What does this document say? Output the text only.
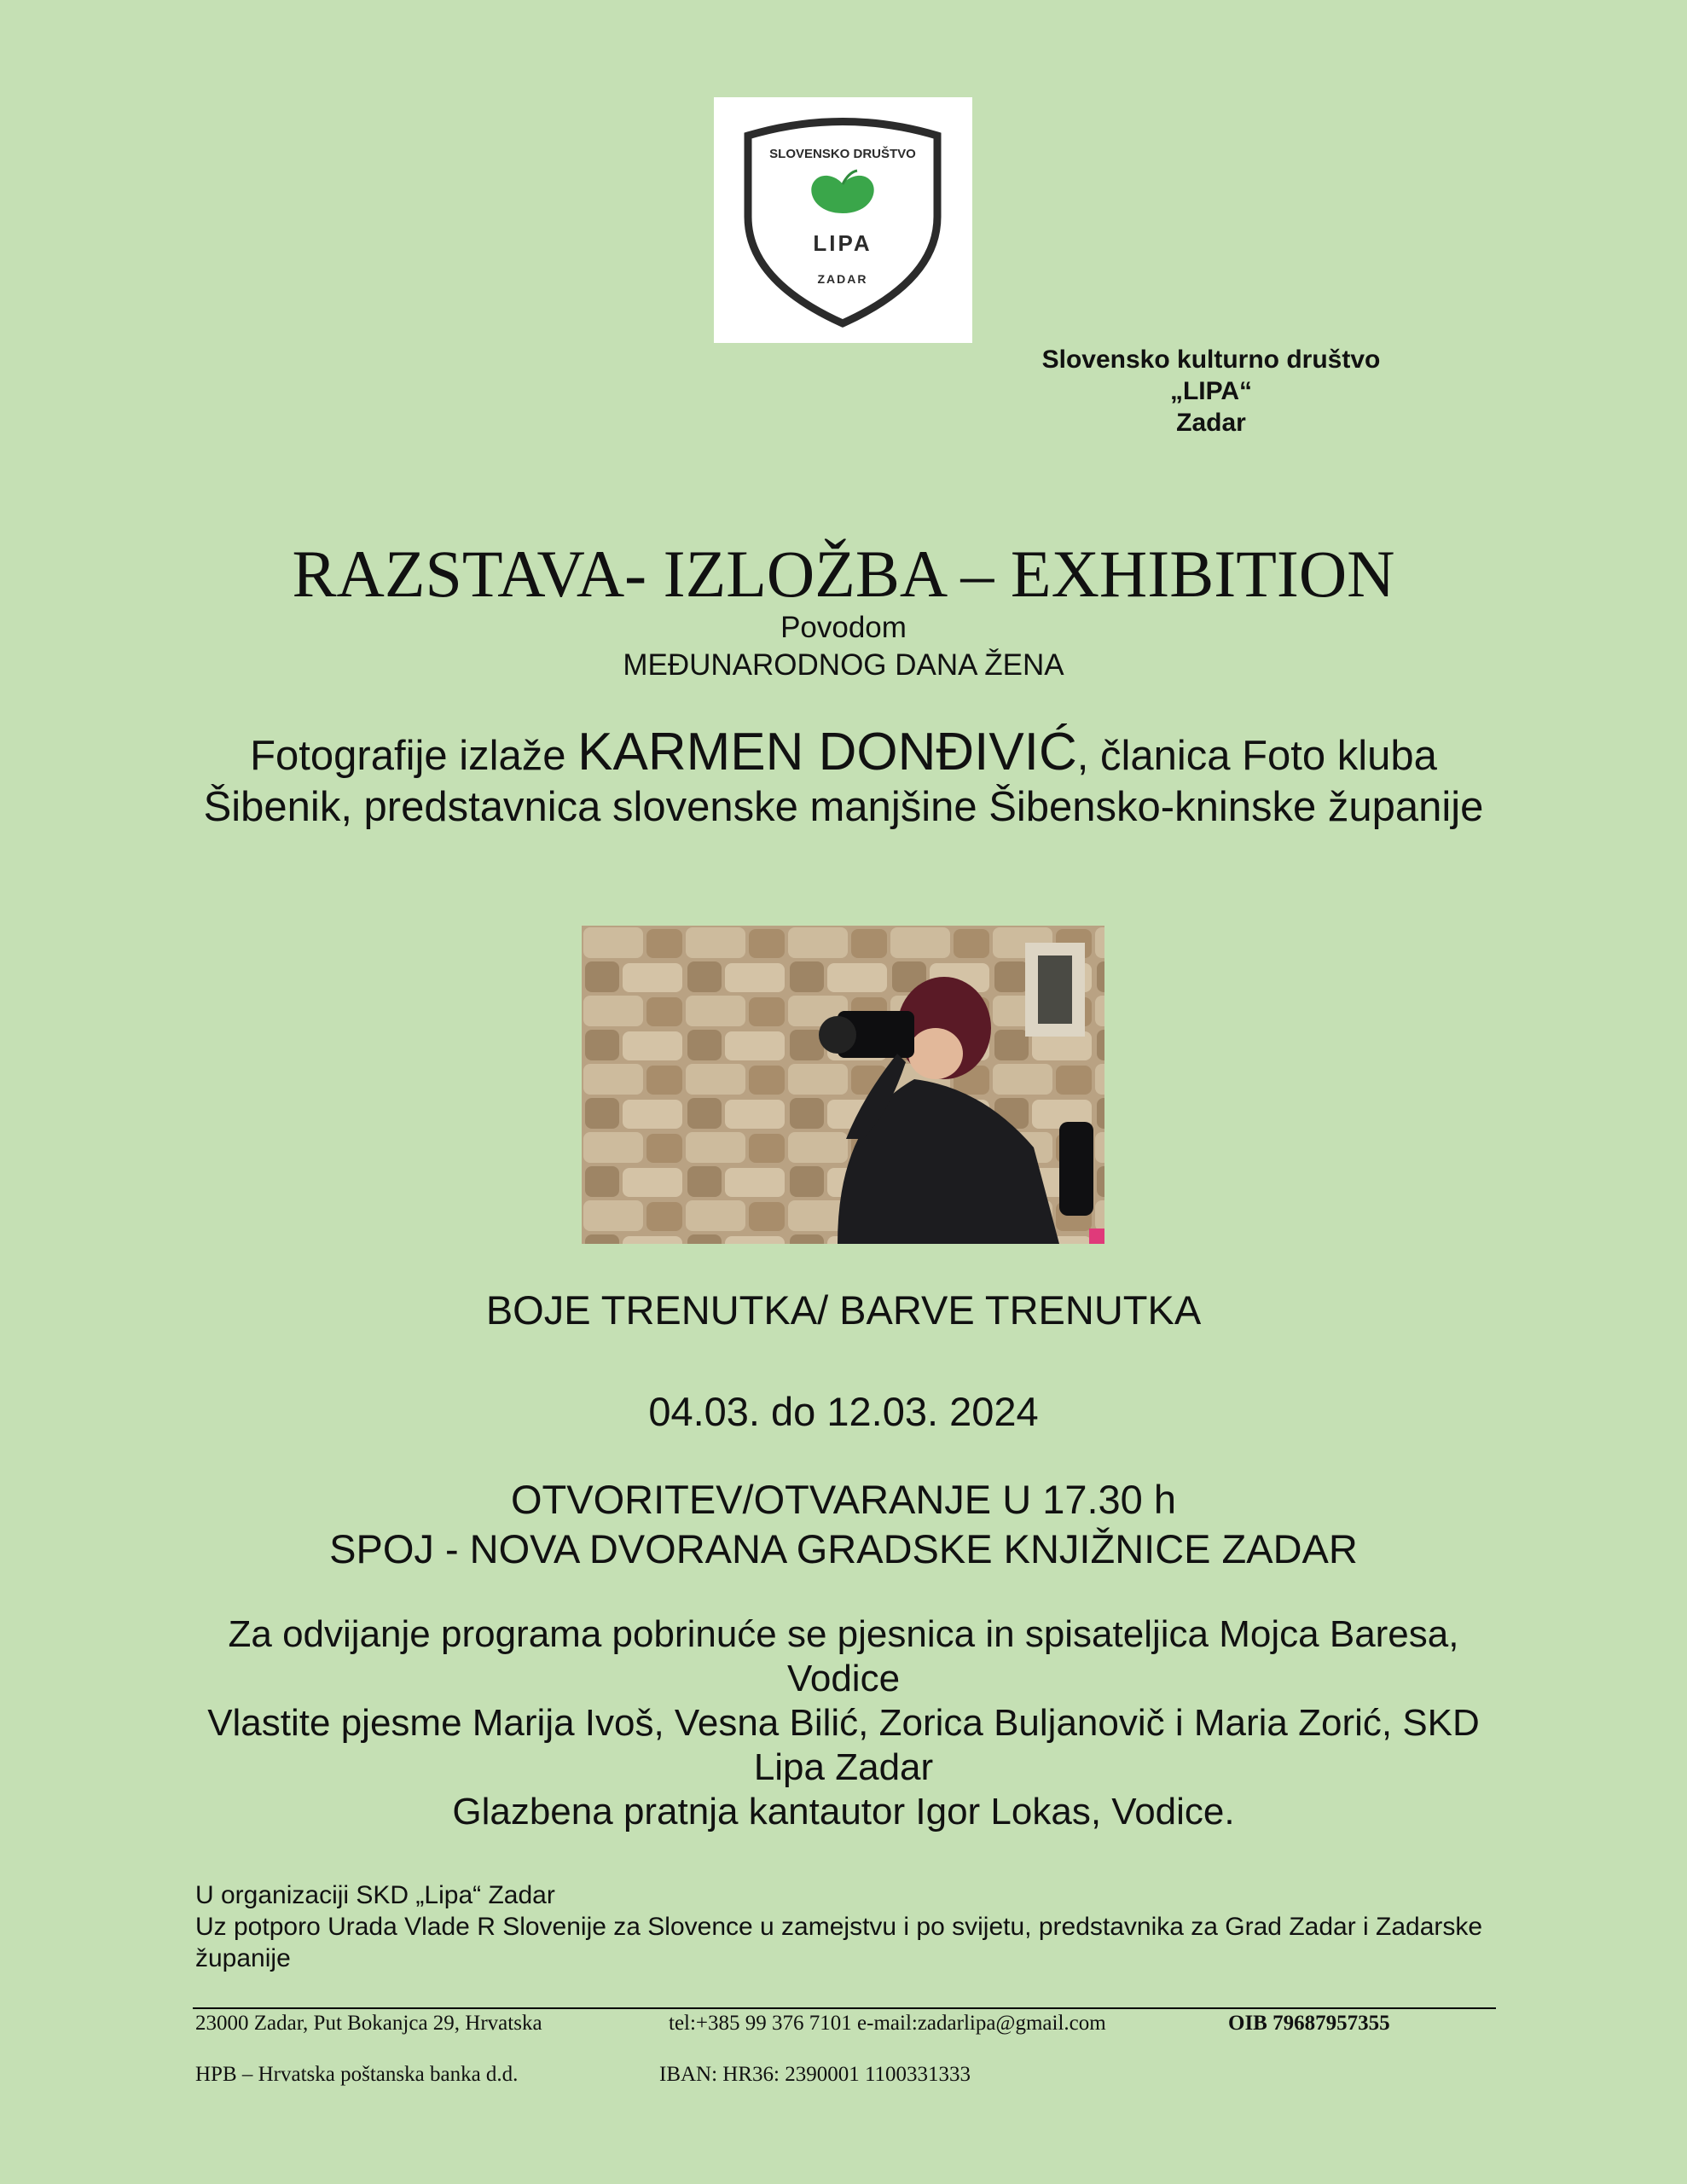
SLOVENSKO DRUŠTVO
LIPA
ZADAR
Slovensko kulturno društvo
„LIPA“
Zadar
RAZSTAVA- IZLOŽBA – EXHIBITION
Povodom
MEĐUNARODNOG DANA ŽENA
Fotografije izlaže KARMEN DONĐIVIĆ, članica Foto kluba Šibenik, predstavnica slovenske manjšine Šibensko-kninske županije
BOJE TRENUTKA/ BARVE TRENUTKA
04.03. do 12.03. 2024
OTVORITEV/OTVARANJE U 17.30 h
SPOJ - NOVA DVORANA GRADSKE KNJIŽNICE ZADAR
Za odvijanje programa pobrinuće se pjesnica in spisateljica Mojca Baresa, Vodice
Vlastite pjesme Marija Ivoš, Vesna Bilić, Zorica Buljanovič i Maria Zorić, SKD Lipa Zadar
Glazbena pratnja kantautor Igor Lokas, Vodice.
U organizaciji SKD „Lipa“ Zadar
Uz potporo Urada Vlade R Slovenije za Slovence u zamejstvu i po svijetu, predstavnika za Grad Zadar i Zadarske županije
23000 Zadar, Put Bokanjca 29, Hrvatska	tel:+385 99 376 7101 e-mail:zadarlipa@gmail.com	OIB 79687957355
HPB – Hrvatska poštanska banka d.d.	IBAN: HR36: 2390001 1100331333
